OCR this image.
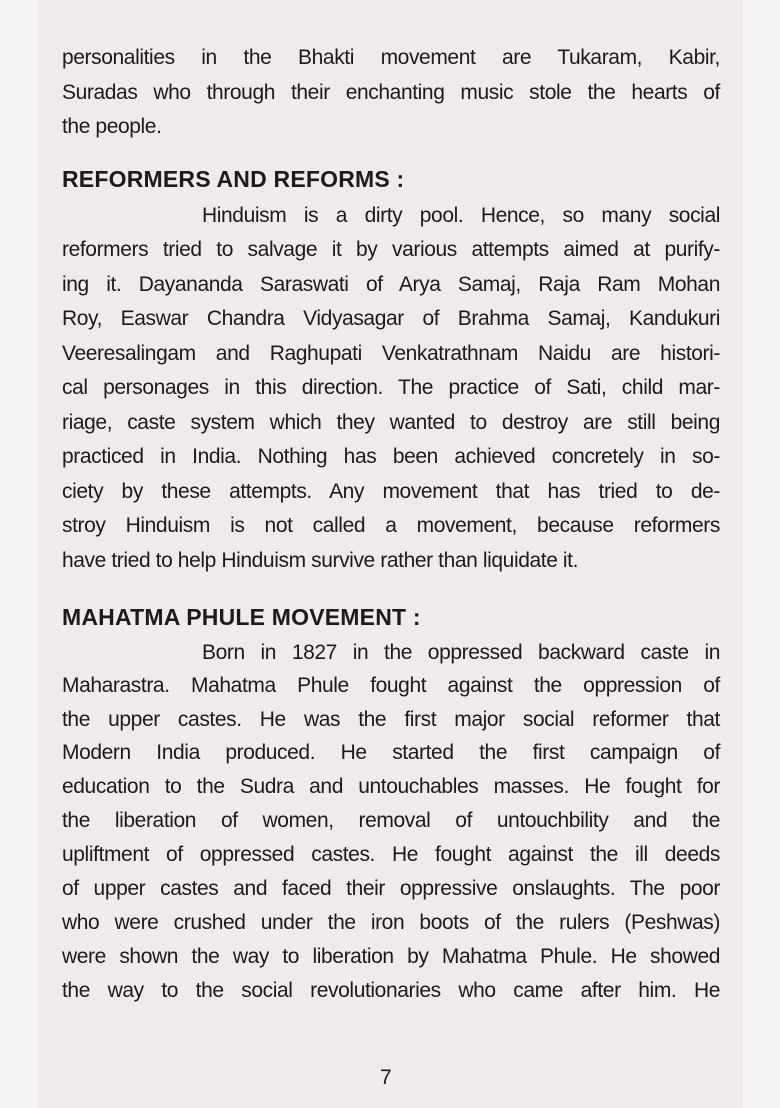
personalities in the Bhakti movement are Tukaram, Kabir,
Suradas who through their enchanting music stole the hearts of
the people.
REFORMERS AND REFORMS :
Hinduism is a dirty pool. Hence, so many social
reformers tried to salvage it by various attempts aimed at purify-
ing it. Dayananda Saraswati of Arya Samaj, Raja Ram Mohan
Roy, Easwar Chandra Vidyasagar of Brahma Samaj, Kandukuri
Veeresalingam and Raghupati Venkatrathnam Naidu are histori-
cal personages in this direction. The practice of Sati, child mar-
riage, caste system which they wanted to destroy are still being
practiced in India. Nothing has been achieved concretely in so-
ciety by these attempts. Any movement that has tried to de-
stroy Hinduism is not called a movement, because reformers
have tried to help Hinduism survive rather than liquidate it.
MAHATMA PHULE MOVEMENT :
Born in 1827 in the oppressed backward caste in
Maharastra. Mahatma Phule fought against the oppression of
the upper castes. He was the first major social reformer that
Modern India produced. He started the first campaign of
education to the Sudra and untouchables masses. He fought for
the liberation of women, removal of untouchbility and the
upliftment of oppressed castes. He fought against the ill deeds
of upper castes and faced their oppressive onslaughts. The poor
who were crushed under the iron boots of the rulers (Peshwas)
were shown the way to liberation by Mahatma Phule. He showed
the way to the social revolutionaries who came after him. He
7
